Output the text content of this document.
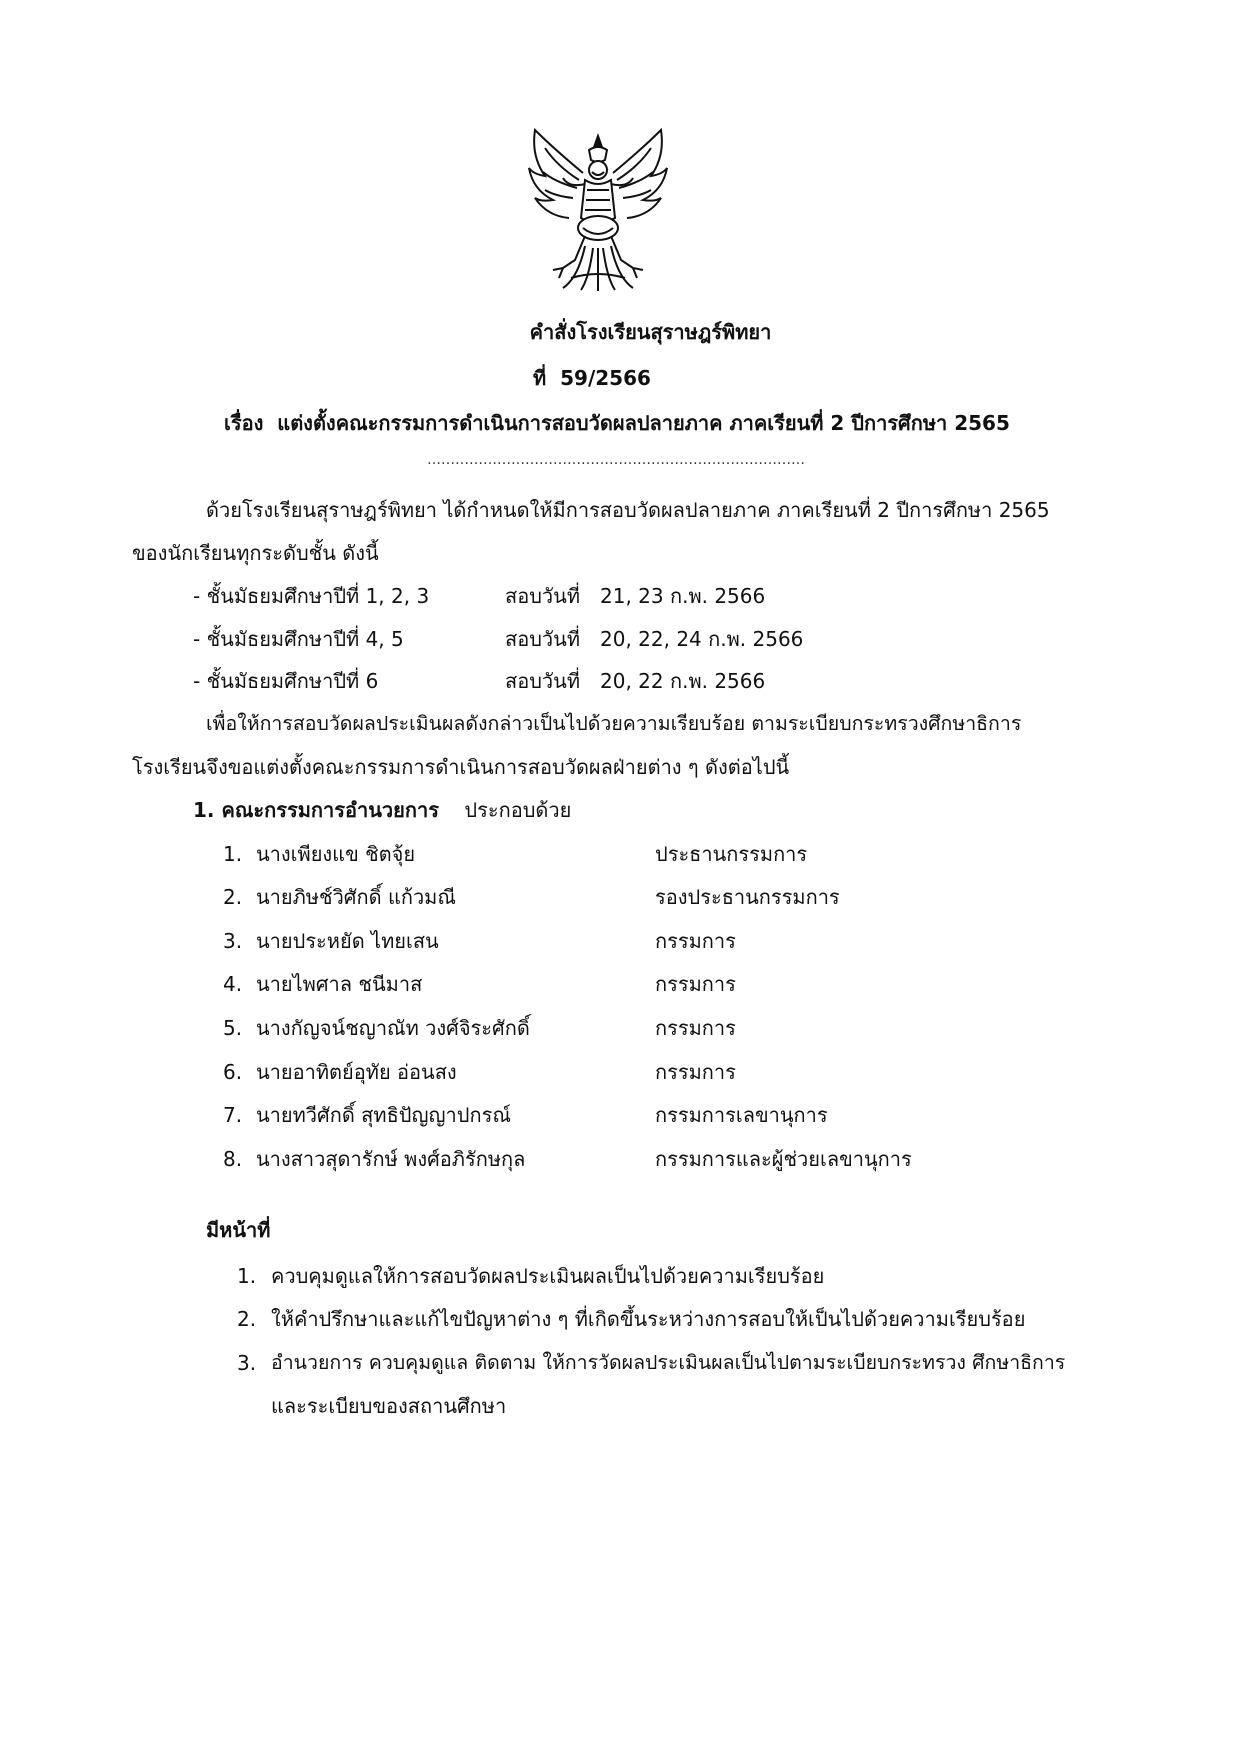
คำสั่งโรงเรียนสุราษฎร์พิทยา
ที่ 59/2566
เรื่อง แต่งตั้งคณะกรรมการดำเนินการสอบวัดผลปลายภาค ภาคเรียนที่ 2 ปีการศึกษา 2565
………………………………………………………………………
ด้วยโรงเรียนสุราษฎร์พิทยา ได้กำหนดให้มีการสอบวัดผลปลายภาค ภาคเรียนที่ 2 ปีการศึกษา 2565
ของนักเรียนทุกระดับชั้น ดังนี้
- ชั้นมัธยมศึกษาปีที่ 1, 2, 3	สอบวันที่ 21, 23 ก.พ. 2566
- ชั้นมัธยมศึกษาปีที่ 4, 5	สอบวันที่ 20, 22, 24 ก.พ. 2566
- ชั้นมัธยมศึกษาปีที่ 6	สอบวันที่ 20, 22 ก.พ. 2566
เพื่อให้การสอบวัดผลประเมินผลดังกล่าวเป็นไปด้วยความเรียบร้อย ตามระเบียบกระทรวงศึกษาธิการ
โรงเรียนจึงขอแต่งตั้งคณะกรรมการดำเนินการสอบวัดผลฝ่ายต่าง ๆ ดังต่อไปนี้
1. คณะกรรมการอำนวยการ ประกอบด้วย
1. นางเพียงแข ชิตจุ้ย	ประธานกรรมการ
2. นายภิษช์วิศักดิ์ แก้วมณี	รองประธานกรรมการ
3. นายประหยัด ไทยเสน	กรรมการ
4. นายไพศาล ชนีมาส	กรรมการ
5. นางกัญจน์ชญาณัท วงศ์จิระศักดิ์	กรรมการ
6. นายอาทิตย์อุทัย อ่อนสง	กรรมการ
7. นายทวีศักดิ์ สุทธิปัญญาปกรณ์	กรรมการเลขานุการ
8. นางสาวสุดารักษ์ พงศ์อภิรักษกุล	กรรมการและผู้ช่วยเลขานุการ
มีหน้าที่
1. ควบคุมดูแลให้การสอบวัดผลประเมินผลเป็นไปด้วยความเรียบร้อย
2. ให้คำปรึกษาและแก้ไขปัญหาต่าง ๆ ที่เกิดขึ้นระหว่างการสอบให้เป็นไปด้วยความเรียบร้อย
3. อำนวยการ ควบคุมดูแล ติดตาม ให้การวัดผลประเมินผลเป็นไปตามระเบียบกระทรวง ศึกษาธิการ
และระเบียบของสถานศึกษา
